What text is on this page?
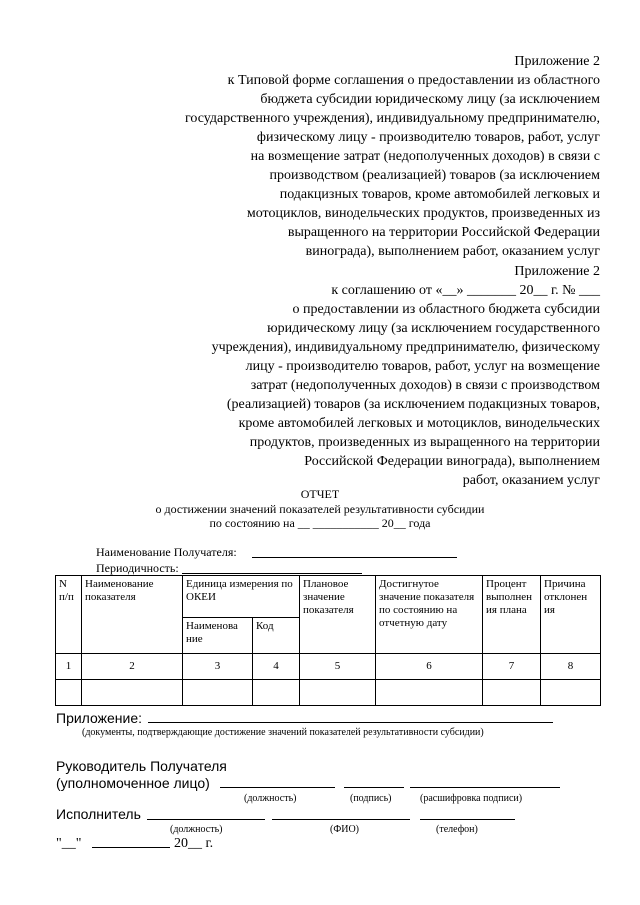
Приложение 2
к Типовой форме соглашения о предоставлении из областного
бюджета субсидии юридическому лицу (за исключением
государственного учреждения), индивидуальному предпринимателю,
физическому лицу - производителю товаров, работ, услуг
на возмещение затрат (недополученных доходов) в связи с
производством (реализацией) товаров (за исключением
подакцизных товаров, кроме автомобилей легковых и
мотоциклов, винодельческих продуктов, произведенных из
выращенного на территории Российской Федерации
винограда), выполнением работ, оказанием услуг
Приложение 2
к соглашению от «__» _______ 20__ г. № ___
о предоставлении из областного бюджета субсидии
юридическому лицу (за исключением государственного
учреждения), индивидуальному предпринимателю, физическому
лицу - производителю товаров, работ, услуг на возмещение
затрат (недополученных доходов) в связи с производством
(реализацией) товаров (за исключением подакцизных товаров,
кроме автомобилей легковых и мотоциклов, винодельческих
продуктов, произведенных из выращенного на территории
Российской Федерации винограда), выполнением
работ, оказанием услуг
ОТЧЕТ
о достижении значений показателей результативности субсидии
по состоянию на __ ___________ 20__ года
Наименование Получателя:
Периодичность:
N п/п	Наименование показателя	Единица измерения по ОКЕИ		Плановое значение показателя	Достигнутое значение показателя по состоянию на отчетную дату	Процент выполнен ия плана	Причина отклонен ия
		Наименова ние	Код				
1	2	3	4	5	6	7	8

Приложение:
(документы, подтверждающие достижение значений показателей результативности субсидии)
Руководитель Получателя
(уполномоченное лицо)
(должность)	(подпись)	(расшифровка подписи)
Исполнитель
(должность)	(ФИО)	(телефон)
"__"	20__ г.
